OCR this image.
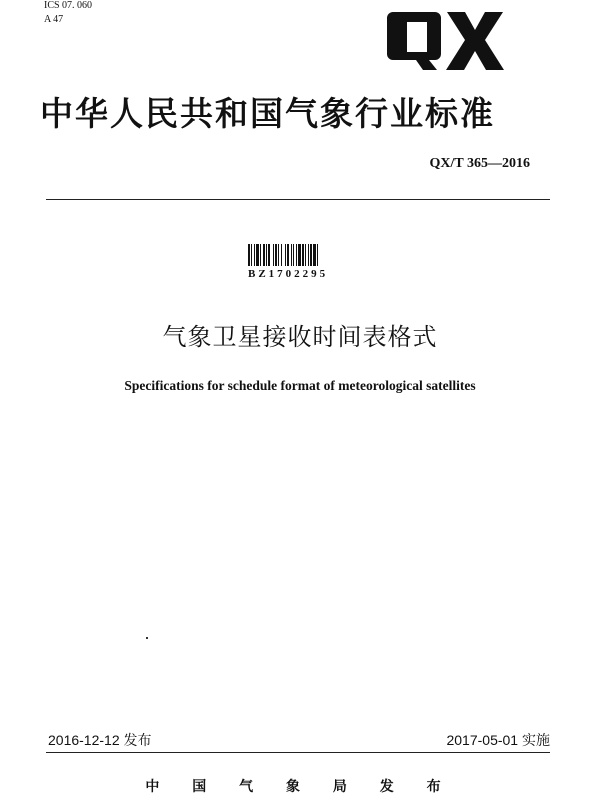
ICS 07. 060
A 47
中华人民共和国气象行业标准
QX/T 365—2016
BZ1702295
气象卫星接收时间表格式
Specifications for schedule format of meteorological satellites
2016-12-12 发布	2017-05-01 实施
中 国 气 象 局 发 布
